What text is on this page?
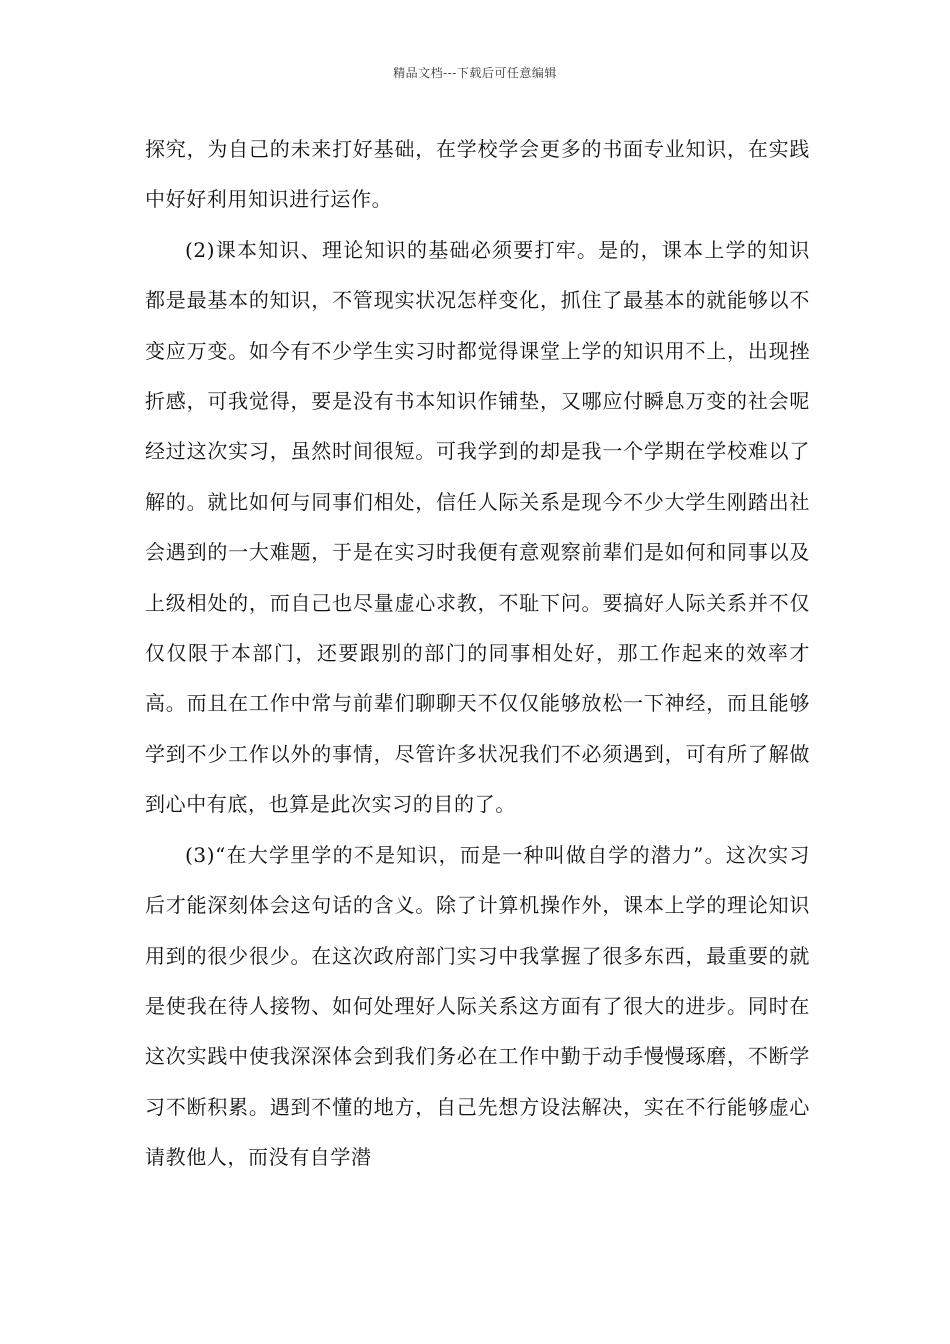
精品文档---下载后可任意编辑

探究，为自己的未来打好基础，在学校学会更多的书面专业知识，在实践中好好利用知识进行运作。

(2)课本知识、理论知识的基础必须要打牢。是的，课本上学的知识都是最基本的知识，不管现实状况怎样变化，抓住了最基本的就能够以不变应万变。如今有不少学生实习时都觉得课堂上学的知识用不上，出现挫折感，可我觉得，要是没有书本知识作铺垫，又哪应付瞬息万变的社会呢经过这次实习，虽然时间很短。可我学到的却是我一个学期在学校难以了解的。就比如何与同事们相处，信任人际关系是现今不少大学生刚踏出社会遇到的一大难题，于是在实习时我便有意观察前辈们是如何和同事以及上级相处的，而自己也尽量虚心求教，不耻下问。要搞好人际关系并不仅仅仅限于本部门，还要跟别的部门的同事相处好，那工作起来的效率才高。而且在工作中常与前辈们聊聊天不仅仅能够放松一下神经，而且能够学到不少工作以外的事情，尽管许多状况我们不必须遇到，可有所了解做到心中有底，也算是此次实习的目的了。

(3)“在大学里学的不是知识，而是一种叫做自学的潜力”。这次实习后才能深刻体会这句话的含义。除了计算机操作外，课本上学的理论知识用到的很少很少。在这次政府部门实习中我掌握了很多东西，最重要的就是使我在待人接物、如何处理好人际关系这方面有了很大的进步。同时在这次实践中使我深深体会到我们务必在工作中勤于动手慢慢琢磨，不断学习不断积累。遇到不懂的地方，自己先想方设法解决，实在不行能够虚心请教他人，而没有自学潜
